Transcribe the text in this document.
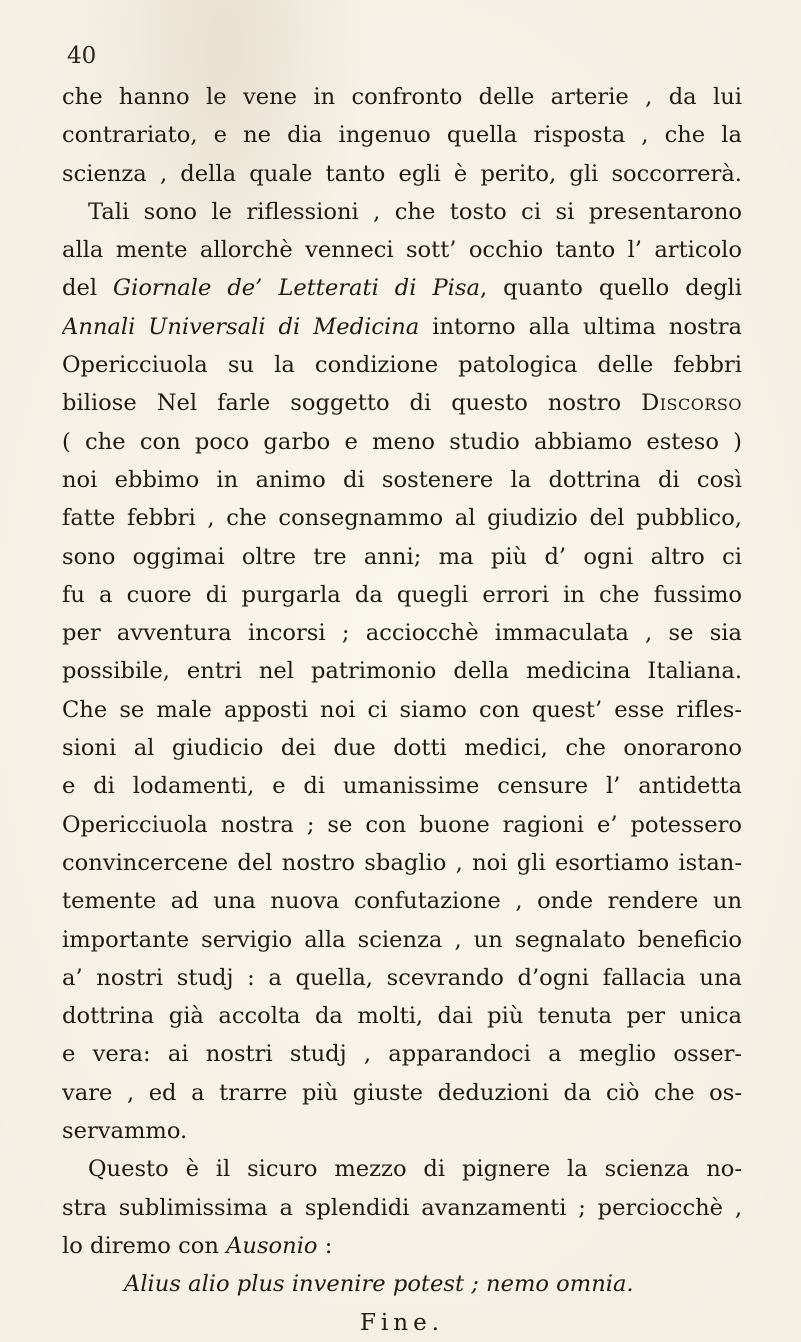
40
che hanno le vene in confronto delle arterie , da lui
contrariato, e ne dia ingenuo quella risposta , che la
scienza , della quale tanto egli è perito, gli soccorrerà.
Tali sono le riflessioni , che tosto ci si presentarono
alla mente allorchè venneci sott’ occhio tanto l’ articolo
del Giornale de’ Letterati di Pisa, quanto quello degli
Annali Universali di Medicina intorno alla ultima nostra
Opericciuola su la condizione patologica delle febbri
biliose Nel farle soggetto di questo nostro Discorso
( che con poco garbo e meno studio abbiamo esteso )
noi ebbimo in animo di sostenere la dottrina di così
fatte febbri , che consegnammo al giudizio del pubblico,
sono oggimai oltre tre anni; ma più d’ ogni altro ci
fu a cuore di purgarla da quegli errori in che fussimo
per avventura incorsi ; acciocchè immaculata , se sia
possibile, entri nel patrimonio della medicina Italiana.
Che se male apposti noi ci siamo con quest’ esse rifles-
sioni al giudicio dei due dotti medici, che onorarono
e di lodamenti, e di umanissime censure l’ antidetta
Opericciuola nostra ; se con buone ragioni e’ potessero
convincercene del nostro sbaglio , noi gli esortiamo istan-
temente ad una nuova confutazione , onde rendere un
importante servigio alla scienza , un segnalato beneficio
a’ nostri studj : a quella, scevrando d’ogni fallacia una
dottrina già accolta da molti, dai più tenuta per unica
e vera: ai nostri studj , apparandoci a meglio osser-
vare , ed a trarre più giuste deduzioni da ciò che os-
servammo.
Questo è il sicuro mezzo di pignere la scienza no-
stra sublimissima a splendidi avanzamenti ; perciocchè ,
lo diremo con Ausonio :
Alius alio plus invenire potest ; nemo omnia.
Fine.
